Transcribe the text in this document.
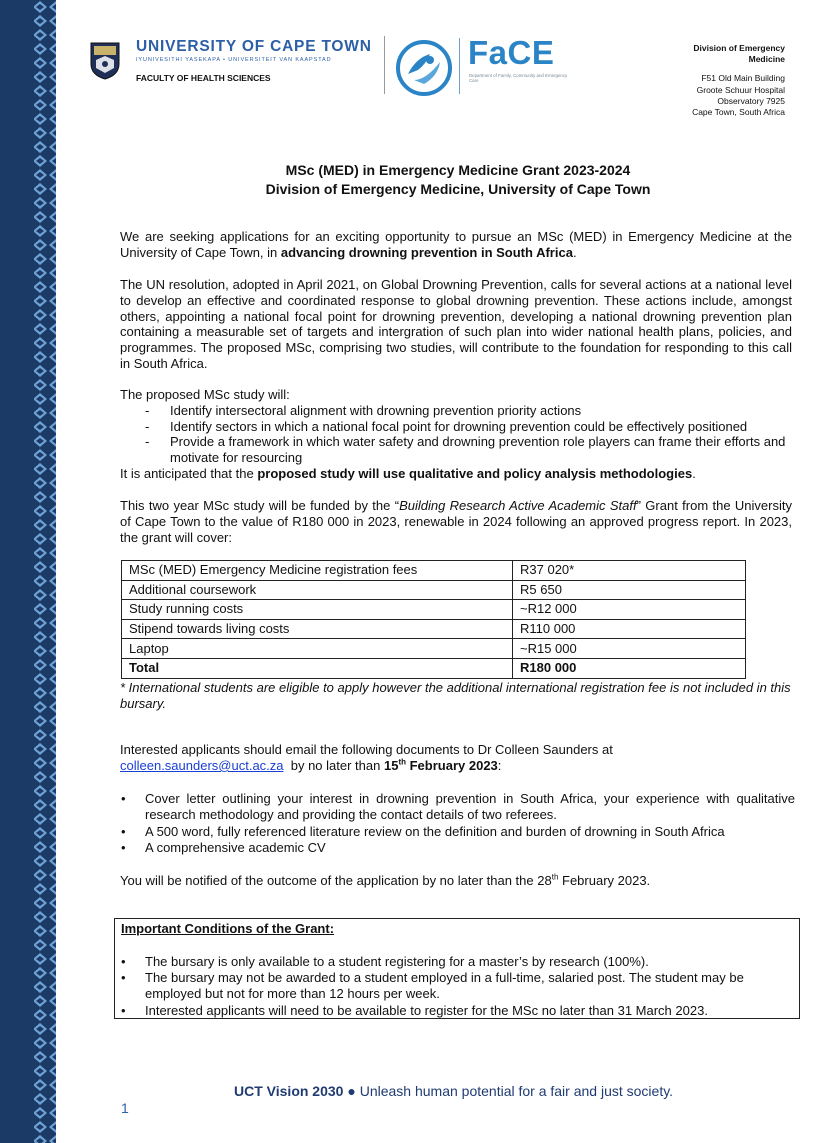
UNIVERSITY OF CAPE TOWN
IYUNIVESITHI YASEKAPA • UNIVERSITEIT VAN KAAPSTAD
FACULTY OF HEALTH SCIENCES
FaCE
Department of Family, Community and Emergency Care
Division of Emergency
Medicine
F51 Old Main Building
Groote Schuur Hospital
Observatory 7925
Cape Town, South Africa
MSc (MED) in Emergency Medicine Grant 2023-2024
Division of Emergency Medicine, University of Cape Town
We are seeking applications for an exciting opportunity to pursue an MSc (MED) in Emergency Medicine at the University of Cape Town, in advancing drowning prevention in South Africa.
The UN resolution, adopted in April 2021, on Global Drowning Prevention, calls for several actions at a national level to develop an effective and coordinated response to global drowning prevention. These actions include, amongst others, appointing a national focal point for drowning prevention, developing a national drowning prevention plan containing a measurable set of targets and intergration of such plan into wider national health plans, policies, and programmes. The proposed MSc, comprising two studies, will contribute to the foundation for responding to this call in South Africa.
The proposed MSc study will:
- Identify intersectoral alignment with drowning prevention priority actions
- Identify sectors in which a national focal point for drowning prevention could be effectively positioned
- Provide a framework in which water safety and drowning prevention role players can frame their efforts and motivate for resourcing
It is anticipated that the proposed study will use qualitative and policy analysis methodologies.
This two year MSc study will be funded by the “Building Research Active Academic Staff” Grant from the University of Cape Town to the value of R180 000 in 2023, renewable in 2024 following an approved progress report. In 2023, the grant will cover:
MSc (MED) Emergency Medicine registration fees	R37 020*
Additional coursework	R5 650
Study running costs	~R12 000
Stipend towards living costs	R110 000
Laptop	~R15 000
Total	R180 000
* International students are eligible to apply however the additional international registration fee is not included in this bursary.
Interested applicants should email the following documents to Dr Colleen Saunders at
colleen.saunders@uct.ac.za  by no later than 15th February 2023:
• Cover letter outlining your interest in drowning prevention in South Africa, your experience with qualitative research methodology and providing the contact details of two referees.
• A 500 word, fully referenced literature review on the definition and burden of drowning in South Africa
• A comprehensive academic CV
You will be notified of the outcome of the application by no later than the 28th February 2023.
Important Conditions of the Grant:
• The bursary is only available to a student registering for a master’s by research (100%).
• The bursary may not be awarded to a student employed in a full-time, salaried post. The student may be employed but not for more than 12 hours per week.
• Interested applicants will need to be available to register for the MSc no later than 31 March 2023.
UCT Vision 2030 ● Unleash human potential for a fair and just society.
1
